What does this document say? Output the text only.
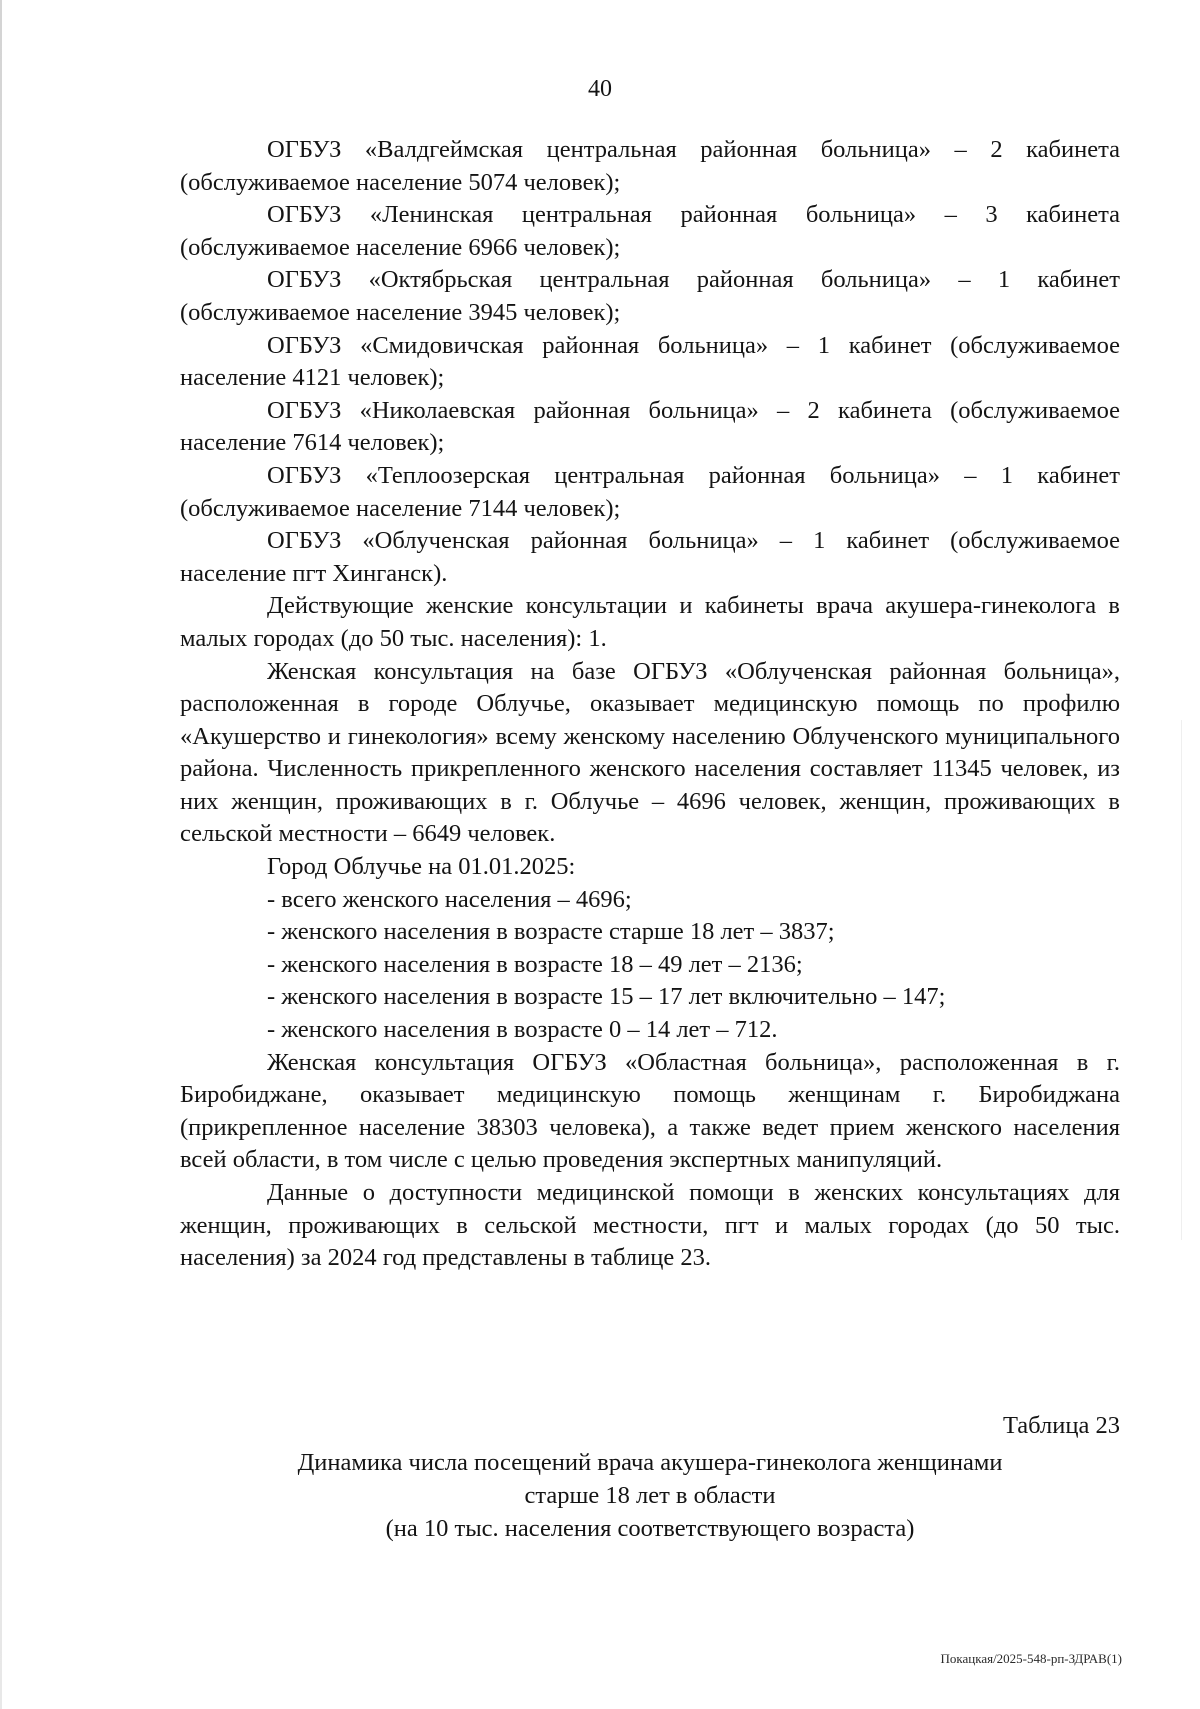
40

ОГБУЗ «Валдгеймская центральная районная больница» – 2 кабинета (обслуживаемое население 5074 человек);

ОГБУЗ «Ленинская центральная районная больница» – 3 кабинета (обслуживаемое население 6966 человек);

ОГБУЗ «Октябрьская центральная районная больница» – 1 кабинет (обслуживаемое население 3945 человек);

ОГБУЗ «Смидовичская районная больница» – 1 кабинет (обслуживаемое население 4121 человек);

ОГБУЗ «Николаевская районная больница» – 2 кабинета (обслуживаемое население 7614 человек);

ОГБУЗ «Теплоозерская центральная районная больница» – 1 кабинет (обслуживаемое население 7144 человек);

ОГБУЗ «Облученская районная больница» – 1 кабинет (обслуживаемое население пгт Хинганск).

Действующие женские консультации и кабинеты врача акушера-гинеколога в малых городах (до 50 тыс. населения): 1.

Женская консультация на базе ОГБУЗ «Облученская районная больница», расположенная в городе Облучье, оказывает медицинскую помощь по профилю «Акушерство и гинекология» всему женскому населению Облученского муниципального района. Численность прикрепленного женского населения составляет 11345 человек, из них женщин, проживающих в г. Облучье – 4696 человек, женщин, проживающих в сельской местности – 6649 человек.

Город Облучье на 01.01.2025:

- всего женского населения – 4696;

- женского населения в возрасте старше 18 лет – 3837;

- женского населения в возрасте 18 – 49 лет – 2136;

- женского населения в возрасте 15 – 17 лет включительно – 147;

- женского населения в возрасте 0 – 14 лет – 712.

Женская консультация ОГБУЗ «Областная больница», расположенная в г. Биробиджане, оказывает медицинскую помощь женщинам г. Биробиджана (прикрепленное население 38303 человека), а также ведет прием женского населения всей области, в том числе с целью проведения экспертных манипуляций.

Данные о доступности медицинской помощи в женских консультациях для женщин, проживающих в сельской местности, пгт и малых городах (до 50 тыс. населения) за 2024 год представлены в таблице 23.

Таблица 23
Динамика числа посещений врача акушера-гинеколога женщинами
старше 18 лет в области
(на 10 тыс. населения соответствующего возраста)
Покацкая/2025-548-рп-ЗДРАВ(1)
